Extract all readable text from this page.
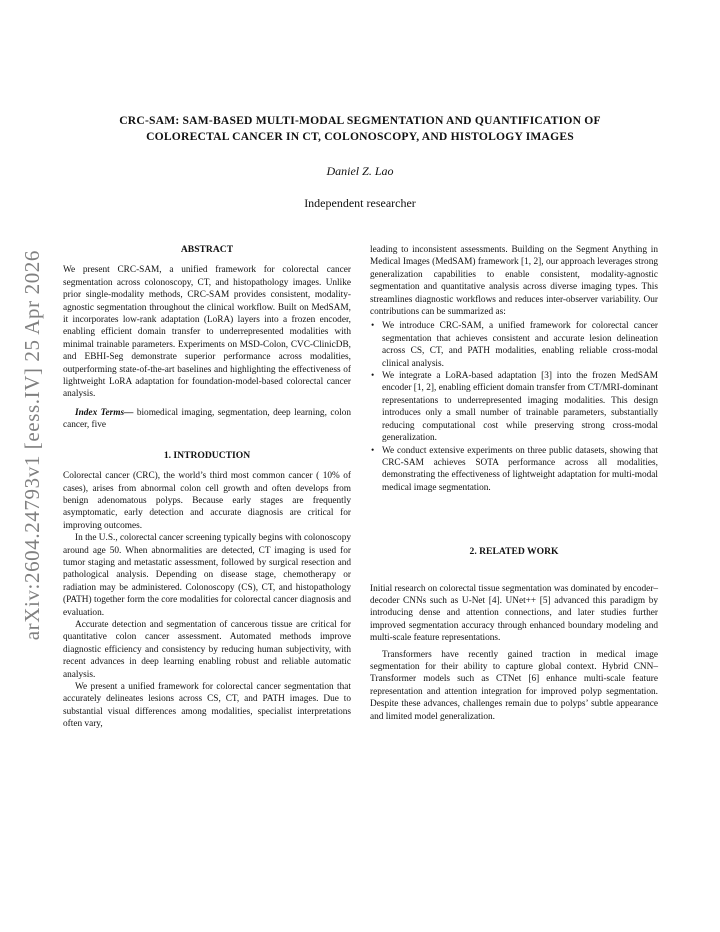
arXiv:2604.24793v1 [eess.IV] 25 Apr 2026
CRC-SAM: SAM-BASED MULTI-MODAL SEGMENTATION AND QUANTIFICATION OF
COLORECTAL CANCER IN CT, COLONOSCOPY, AND HISTOLOGY IMAGES
Daniel Z. Lao
Independent researcher
ABSTRACT

We present CRC-SAM, a unified framework for colorectal cancer segmentation across colonoscopy, CT, and histopathology images. Unlike prior single-modality methods, CRC-SAM provides consistent, modality-agnostic segmentation throughout the clinical workflow. Built on MedSAM, it incorporates low-rank adaptation (LoRA) layers into a frozen encoder, enabling efficient domain transfer to underrepresented modalities with minimal trainable parameters. Experiments on MSD-Colon, CVC-ClinicDB, and EBHI-Seg demonstrate superior performance across modalities, outperforming state-of-the-art baselines and highlighting the effectiveness of lightweight LoRA adaptation for foundation-model-based colorectal cancer analysis.

Index Terms— biomedical imaging, segmentation, deep learning, colon cancer, five

1. INTRODUCTION

Colorectal cancer (CRC), the world’s third most common cancer ( 10% of cases), arises from abnormal colon cell growth and often develops from benign adenomatous polyps. Because early stages are frequently asymptomatic, early detection and accurate diagnosis are critical for improving outcomes.

In the U.S., colorectal cancer screening typically begins with colonoscopy around age 50. When abnormalities are detected, CT imaging is used for tumor staging and metastatic assessment, followed by surgical resection and pathological analysis. Depending on disease stage, chemotherapy or radiation may be administered. Colonoscopy (CS), CT, and histopathology (PATH) together form the core modalities for colorectal cancer diagnosis and evaluation.

Accurate detection and segmentation of cancerous tissue are critical for quantitative colon cancer assessment. Automated methods improve diagnostic efficiency and consistency by reducing human subjectivity, with recent advances in deep learning enabling robust and reliable automatic analysis.

We present a unified framework for colorectal cancer segmentation that accurately delineates lesions across CS, CT, and PATH images. Due to substantial visual differences among modalities, specialist interpretations often vary,

leading to inconsistent assessments. Building on the Segment Anything in Medical Images (MedSAM) framework [1, 2], our approach leverages strong generalization capabilities to enable consistent, modality-agnostic segmentation and quantitative analysis across diverse imaging types. This streamlines diagnostic workflows and reduces inter-observer variability. Our contributions can be summarized as:

• We introduce CRC-SAM, a unified framework for colorectal cancer segmentation that achieves consistent and accurate lesion delineation across CS, CT, and PATH modalities, enabling reliable cross-modal clinical analysis.
• We integrate a LoRA-based adaptation [3] into the frozen MedSAM encoder [1, 2], enabling efficient domain transfer from CT/MRI-dominant representations to underrepresented imaging modalities. This design introduces only a small number of trainable parameters, substantially reducing computational cost while preserving strong cross-modal generalization.
• We conduct extensive experiments on three public datasets, showing that CRC-SAM achieves SOTA performance across all modalities, demonstrating the effectiveness of lightweight adaptation for multi-modal medical image segmentation.
2. RELATED WORK

Initial research on colorectal tissue segmentation was dominated by encoder–decoder CNNs such as U-Net [4]. UNet++ [5] advanced this paradigm by introducing dense and attention connections, and later studies further improved segmentation accuracy through enhanced boundary modeling and multi-scale feature representations.

Transformers have recently gained traction in medical image segmentation for their ability to capture global context. Hybrid CNN–Transformer models such as CTNet [6] enhance multi-scale feature representation and attention integration for improved polyp segmentation. Despite these advances, challenges remain due to polyps’ subtle appearance and limited model generalization.
